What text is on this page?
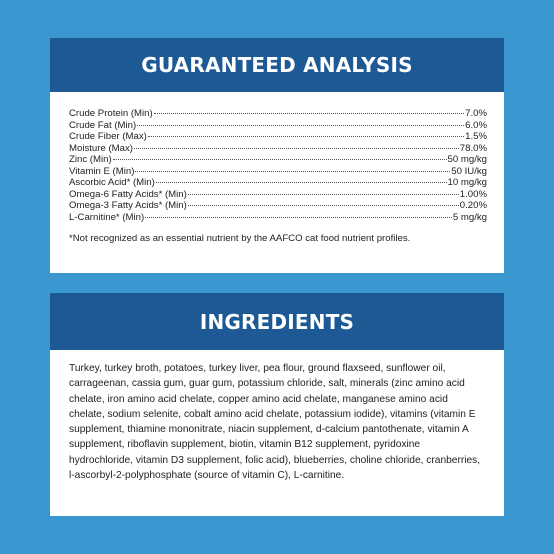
GUARANTEED ANALYSIS
Crude Protein (Min)	7.0%
Crude Fat (Min)	6.0%
Crude Fiber (Max)	1.5%
Moisture (Max)	78.0%
Zinc (Min)	50 mg/kg
Vitamin E (Min)	50 IU/kg
Ascorbic Acid* (Min)	10 mg/kg
Omega-6 Fatty Acids* (Min)	1.00%
Omega-3 Fatty Acids* (Min)	0.20%
L-Carnitine* (Min)	5 mg/kg
*Not recognized as an essential nutrient by the AAFCO cat food nutrient profiles.
INGREDIENTS
Turkey, turkey broth, potatoes, turkey liver, pea flour, ground flaxseed, sunflower oil, carrageenan, cassia gum, guar gum, potassium chloride, salt, minerals (zinc amino acid chelate, iron amino acid chelate, copper amino acid chelate, manganese amino acid chelate, sodium selenite, cobalt amino acid chelate, potassium iodide), vitamins (vitamin E supplement, thiamine mononitrate, niacin supplement, d-calcium pantothenate, vitamin A supplement, riboflavin supplement, biotin, vitamin B12 supplement, pyridoxine hydrochloride, vitamin D3 supplement, folic acid), blueberries, choline chloride, cranberries, l-ascorbyl-2-polyphosphate (source of vitamin C), L-carnitine.
